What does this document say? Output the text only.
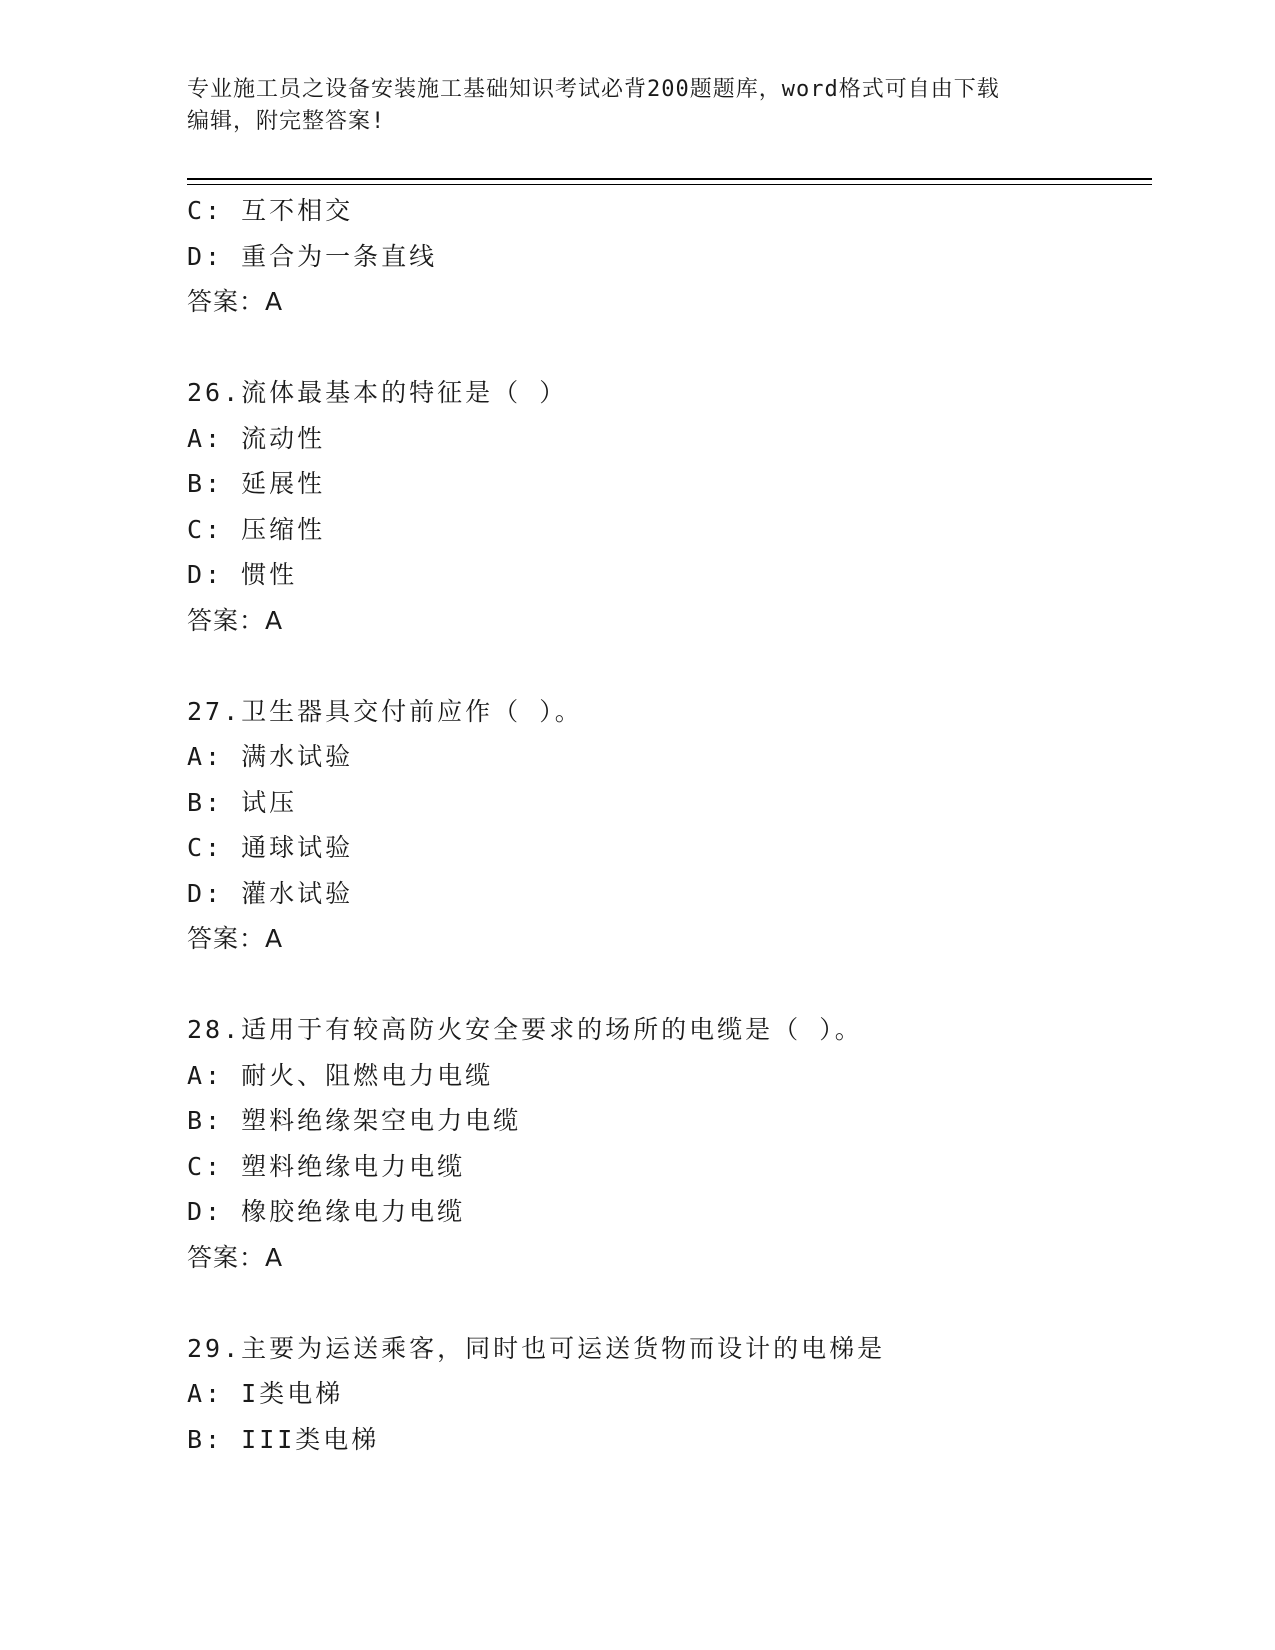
专业施工员之设备安装施工基础知识考试必背200题题库，word格式可自由下载
编辑，附完整答案!
C: 互不相交
D: 重合为一条直线
答案：A
26.流体最基本的特征是（ ）
A: 流动性
B: 延展性
C: 压缩性
D: 惯性
答案：A
27.卫生器具交付前应作（ ）。
A: 满水试验
B: 试压
C: 通球试验
D: 灌水试验
答案：A
28.适用于有较高防火安全要求的场所的电缆是（ ）。
A: 耐火、阻燃电力电缆
B: 塑料绝缘架空电力电缆
C: 塑料绝缘电力电缆
D: 橡胶绝缘电力电缆
答案：A
29.主要为运送乘客，同时也可运送货物而设计的电梯是
A: I类电梯
B: III类电梯
